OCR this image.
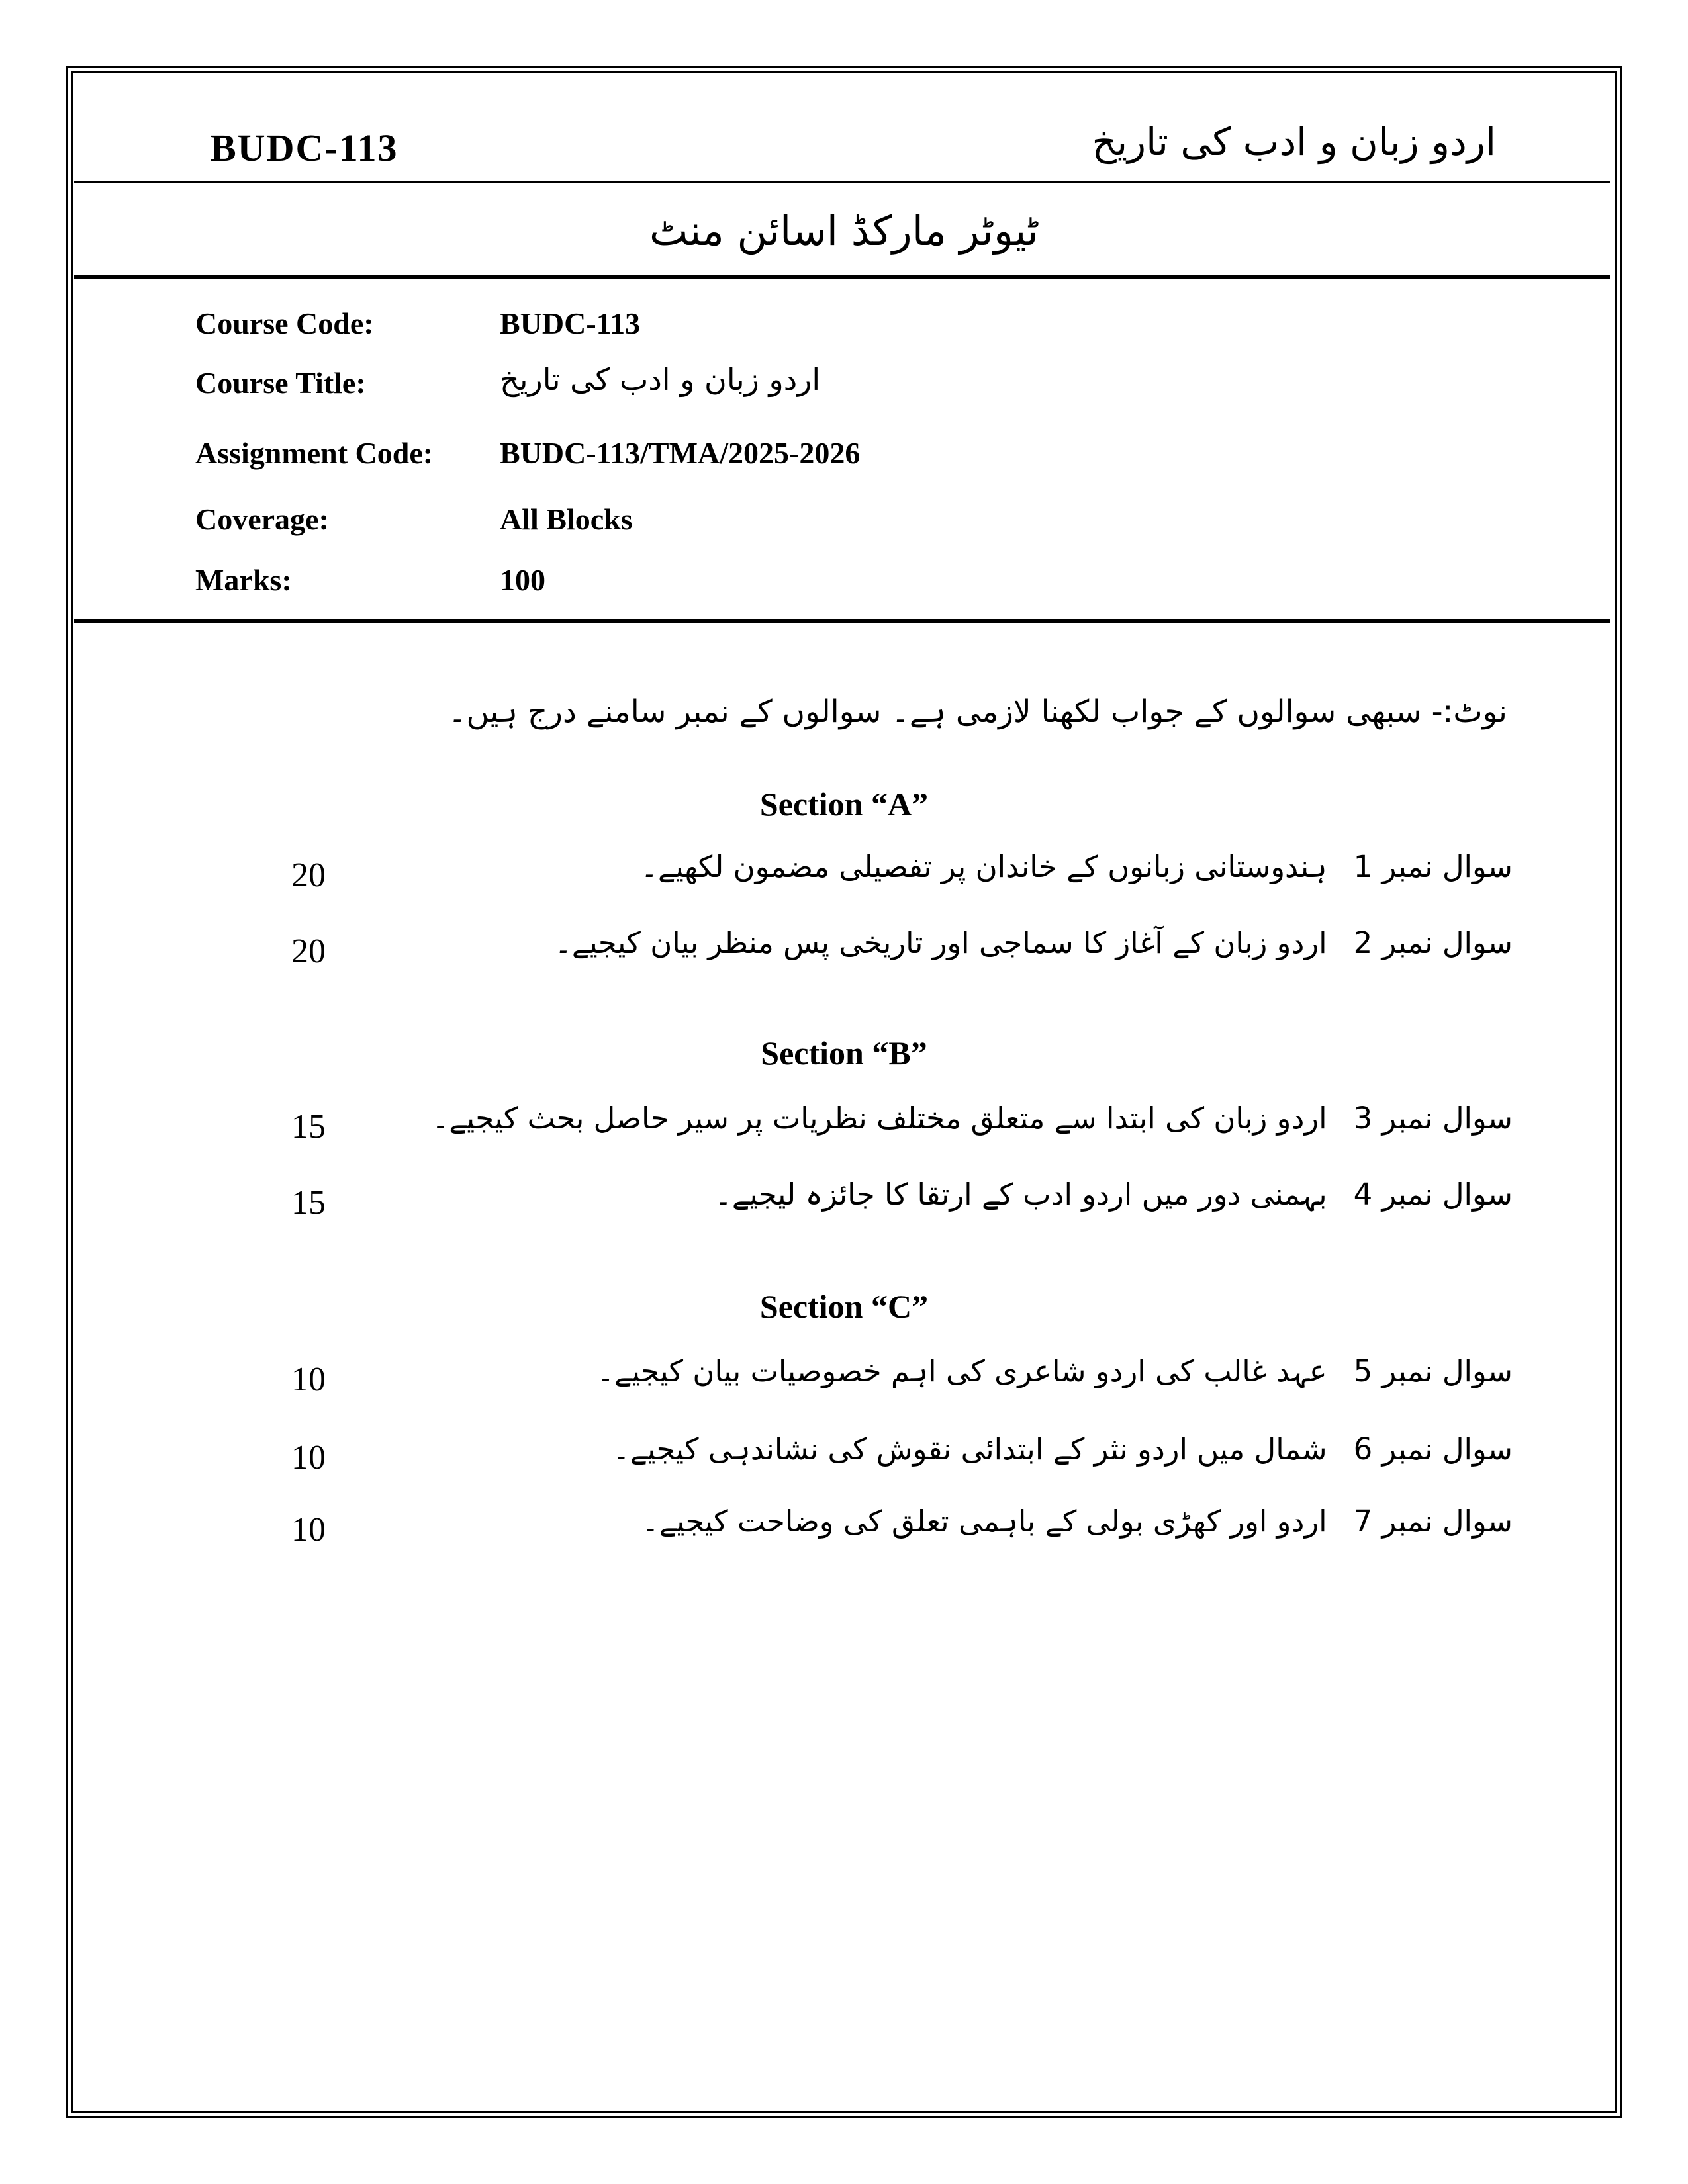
BUDC-113	اردو زبان و ادب کی تاریخ
ٹیوٹر مارکڈ اسائن منٹ
Course Code:	BUDC-113
Course Title:	اردو زبان و ادب کی تاریخ
Assignment Code: BUDC-113/TMA/2025-2026
Coverage:	All Blocks
Marks:	100
نوٹ:- سبھی سوالوں کے جواب لکھنا لازمی ہے۔ سوالوں کے نمبر سامنے درج ہیں۔
Section “A”
سوال نمبر 1
ہندوستانی زبانوں کے خاندان پر تفصیلی مضمون لکھیے۔
20
سوال نمبر 2
اردو زبان کے آغاز کا سماجی اور تاریخی پس منظر بیان کیجیے۔
20
Section “B”
سوال نمبر 3
اردو زبان کی ابتدا سے متعلق مختلف نظریات پر سیر حاصل بحث کیجیے۔
15
سوال نمبر 4
بہمنی دور میں اردو ادب کے ارتقا کا جائزہ لیجیے۔
15
Section “C”
سوال نمبر 5
عہد غالب کی اردو شاعری کی اہم خصوصیات بیان کیجیے۔
10
سوال نمبر 6
شمال میں اردو نثر کے ابتدائی نقوش کی نشاندہی کیجیے۔
10
سوال نمبر 7
اردو اور کھڑی بولی کے باہمی تعلق کی وضاحت کیجیے۔
10
